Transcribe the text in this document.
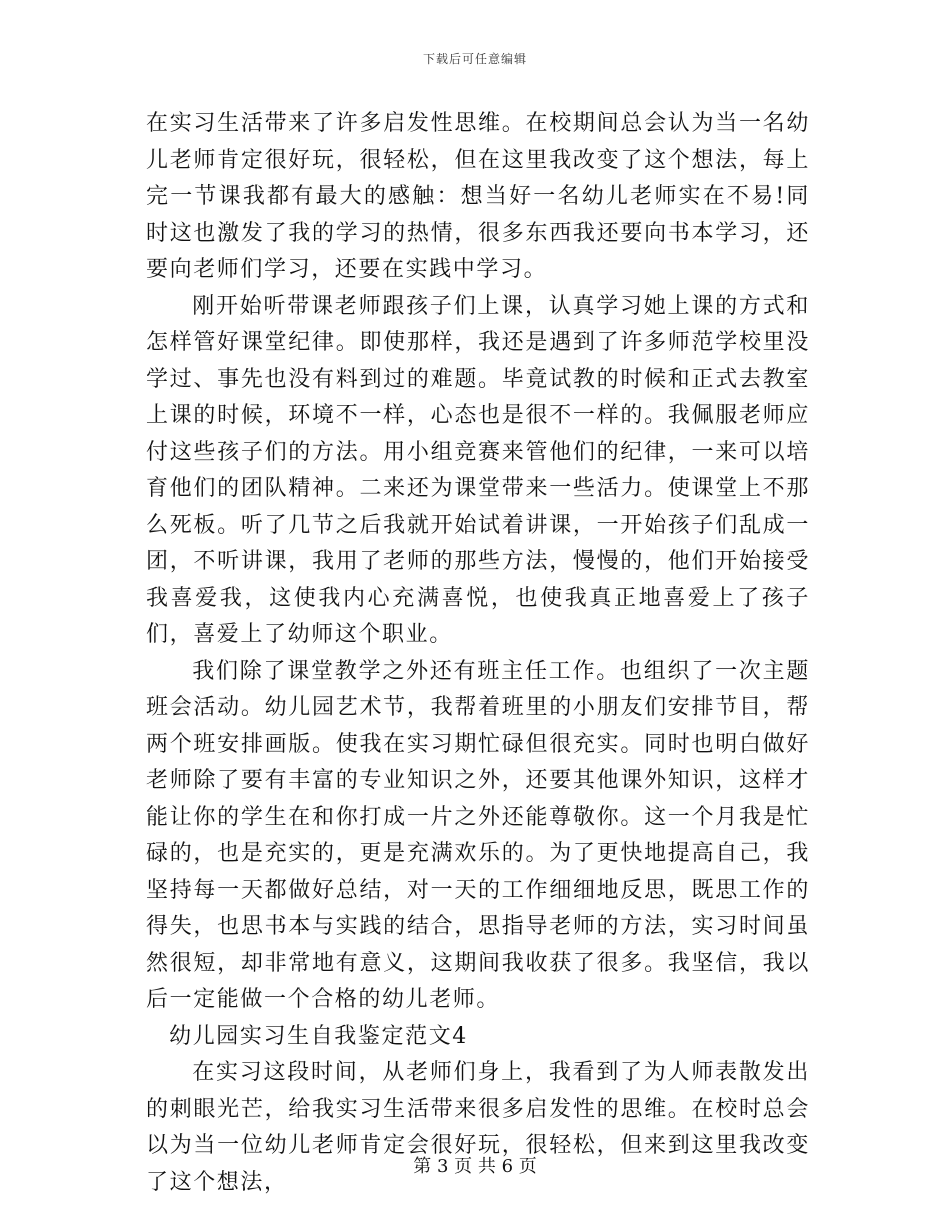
下载后可任意编辑

在实习生活带来了许多启发性思维。在校期间总会认为当一名幼儿老师肯定很好玩，很轻松，但在这里我改变了这个想法，每上完一节课我都有最大的感触：想当好一名幼儿老师实在不易!同时这也激发了我的学习的热情，很多东西我还要向书本学习，还要向老师们学习，还要在实践中学习。

刚开始听带课老师跟孩子们上课，认真学习她上课的方式和怎样管好课堂纪律。即使那样，我还是遇到了许多师范学校里没学过、事先也没有料到过的难题。毕竟试教的时候和正式去教室上课的时候，环境不一样，心态也是很不一样的。我佩服老师应付这些孩子们的方法。用小组竞赛来管他们的纪律，一来可以培育他们的团队精神。二来还为课堂带来一些活力。使课堂上不那么死板。听了几节之后我就开始试着讲课，一开始孩子们乱成一团，不听讲课，我用了老师的那些方法，慢慢的，他们开始接受我喜爱我，这使我内心充满喜悦，也使我真正地喜爱上了孩子们，喜爱上了幼师这个职业。

我们除了课堂教学之外还有班主任工作。也组织了一次主题班会活动。幼儿园艺术节，我帮着班里的小朋友们安排节目，帮两个班安排画版。使我在实习期忙碌但很充实。同时也明白做好老师除了要有丰富的专业知识之外，还要其他课外知识，这样才能让你的学生在和你打成一片之外还能尊敬你。这一个月我是忙碌的，也是充实的，更是充满欢乐的。为了更快地提高自己，我坚持每一天都做好总结，对一天的工作细细地反思，既思工作的得失，也思书本与实践的结合，思指导老师的方法，实习时间虽然很短，却非常地有意义，这期间我收获了很多。我坚信，我以后一定能做一个合格的幼儿老师。

幼儿园实习生自我鉴定范文4

在实习这段时间，从老师们身上，我看到了为人师表散发出的刺眼光芒，给我实习生活带来很多启发性的思维。在校时总会以为当一位幼儿老师肯定会很好玩，很轻松，但来到这里我改变了这个想法，

第 3 页 共 6 页
